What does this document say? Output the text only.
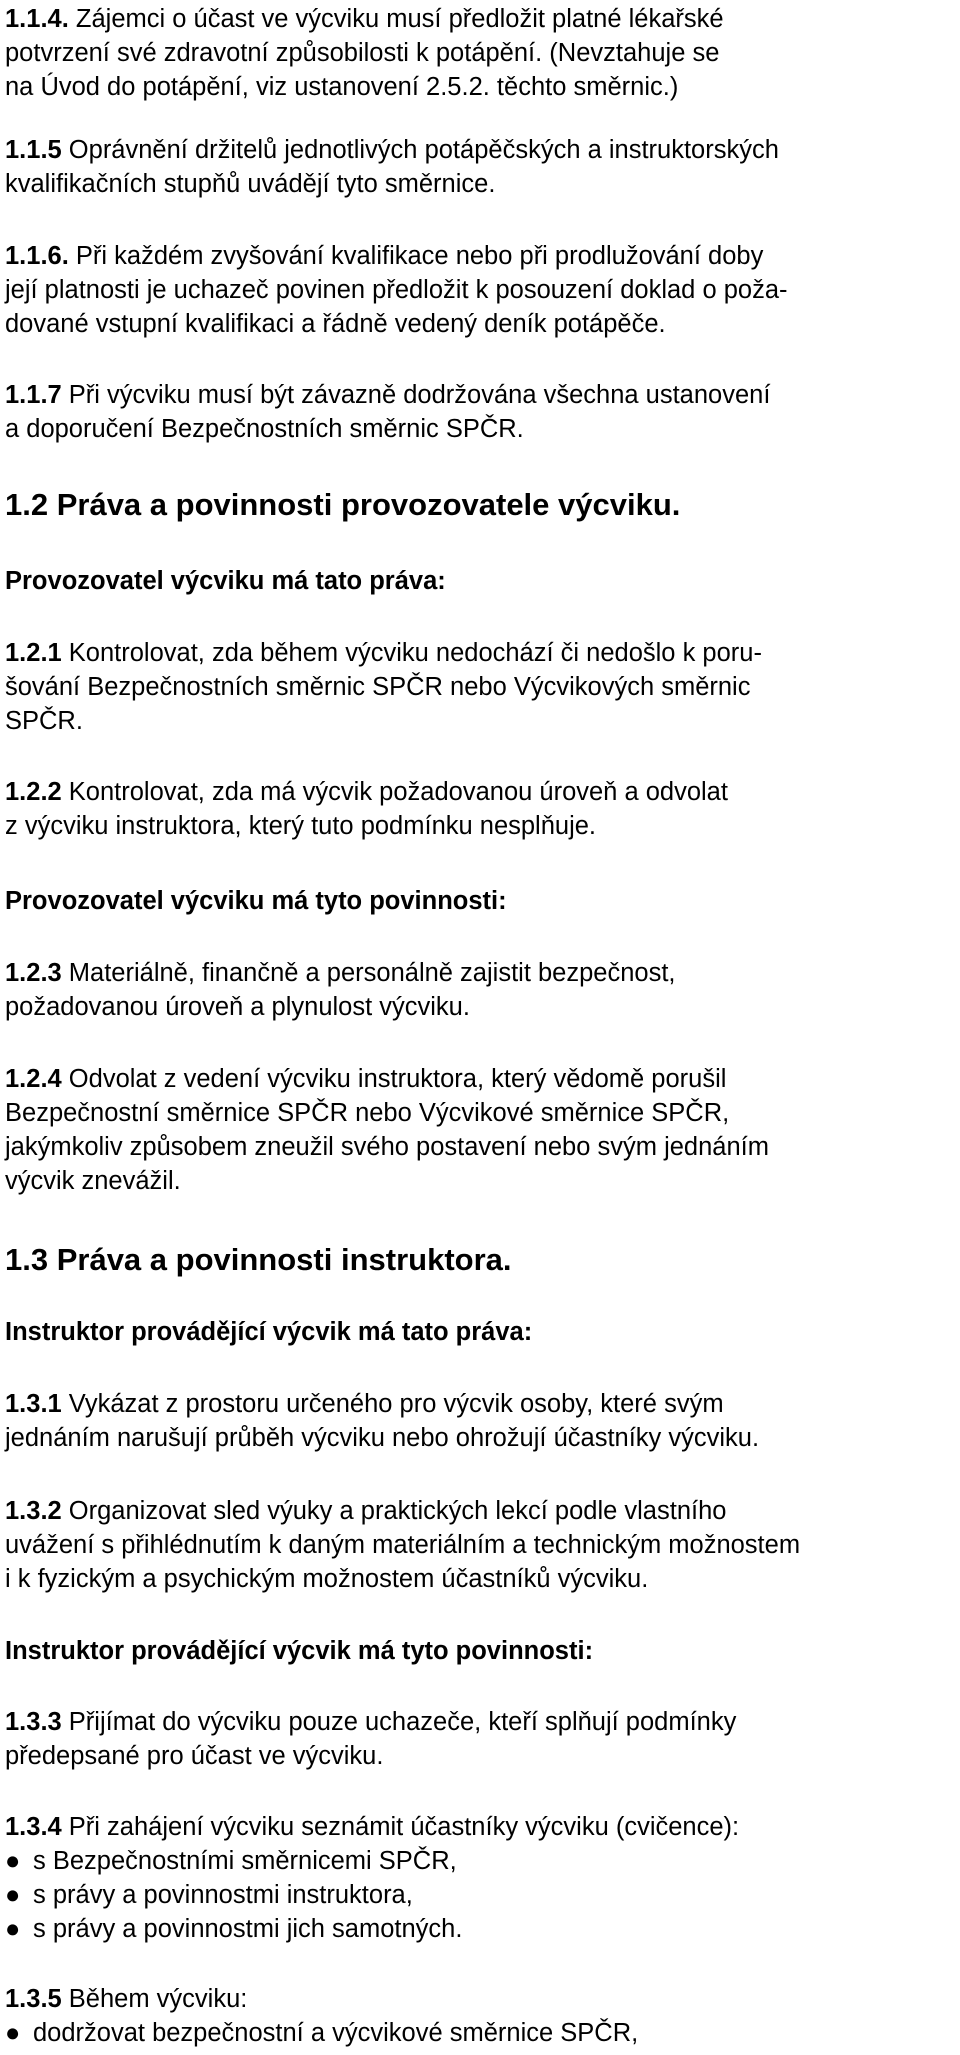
1.1.4. Zájemci o účast ve výcviku musí předložit platné lékařské
potvrzení své zdravotní způsobilosti k potápění. (Nevztahuje se
na Úvod do potápění, viz ustanovení 2.5.2. těchto směrnic.)
1.1.5 Oprávnění držitelů jednotlivých potápěčských a instruktorských
kvalifikačních stupňů uvádějí tyto směrnice.
1.1.6. Při každém zvyšování kvalifikace nebo při prodlužování doby
její platnosti je uchazeč povinen předložit k posouzení doklad o poža-
dované vstupní kvalifikaci a řádně vedený deník potápěče.
1.1.7 Při výcviku musí být závazně dodržována všechna ustanovení
a doporučení Bezpečnostních směrnic SPČR.
1.2 Práva a povinnosti provozovatele výcviku.
Provozovatel výcviku má tato práva:
1.2.1 Kontrolovat, zda během výcviku nedochází či nedošlo k poru-
šování Bezpečnostních směrnic SPČR nebo Výcvikových směrnic
SPČR.
1.2.2 Kontrolovat, zda má výcvik požadovanou úroveň a odvolat
z výcviku instruktora, který tuto podmínku nesplňuje.
Provozovatel výcviku má tyto povinnosti:
1.2.3 Materiálně, finančně a personálně zajistit bezpečnost,
požadovanou úroveň a plynulost výcviku.
1.2.4 Odvolat z vedení výcviku instruktora, který vědomě porušil
Bezpečnostní směrnice SPČR nebo Výcvikové směrnice SPČR,
jakýmkoliv způsobem zneužil svého postavení nebo svým jednáním
výcvik znevážil.
1.3 Práva a povinnosti instruktora.
Instruktor provádějící výcvik má tato práva:
1.3.1 Vykázat z prostoru určeného pro výcvik osoby, které svým
jednáním narušují průběh výcviku nebo ohrožují účastníky výcviku.
1.3.2 Organizovat sled výuky a praktických lekcí podle vlastního
uvážení s přihlédnutím k daným materiálním a technickým možnostem
i k fyzickým a psychickým možnostem účastníků výcviku.
Instruktor provádějící výcvik má tyto povinnosti:
1.3.3 Přijímat do výcviku pouze uchazeče, kteří splňují podmínky
předepsané pro účast ve výcviku.
1.3.4 Při zahájení výcviku seznámit účastníky výcviku (cvičence):
● s Bezpečnostními směrnicemi SPČR,
● s právy a povinnostmi instruktora,
● s právy a povinnostmi jich samotných.
1.3.5 Během výcviku:
● dodržovat bezpečnostní a výcvikové směrnice SPČR,
